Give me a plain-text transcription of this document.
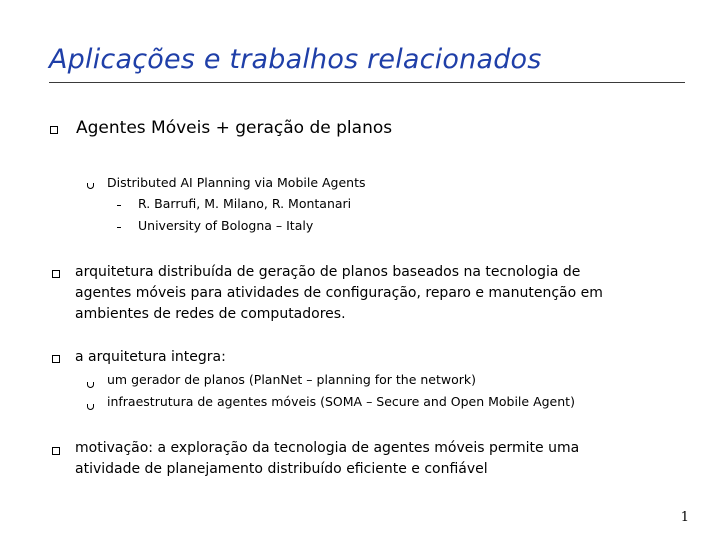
Aplicações e trabalhos relacionados
Agentes Móveis + geração de planos
Distributed AI Planning via Mobile Agents
R. Barrufi, M. Milano, R. Montanari
University of Bologna – Italy
arquitetura distribuída de geração de planos baseados na tecnologia de agentes móveis para atividades de configuração, reparo e manutenção em ambientes de redes de computadores.
a arquitetura integra:
um gerador de planos (PlanNet – planning for the network)
infraestrutura de agentes móveis (SOMA – Secure and Open Mobile Agent)
motivação: a exploração da tecnologia de agentes móveis permite uma atividade de planejamento distribuído eficiente e confiável
1
